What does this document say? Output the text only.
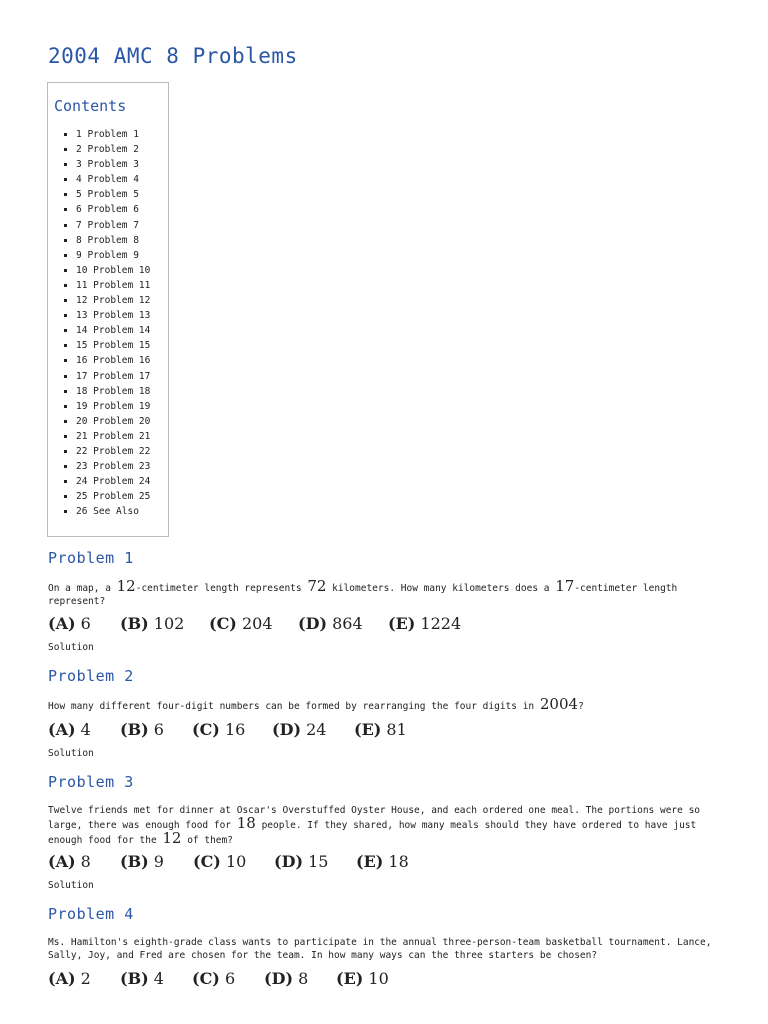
2004 AMC 8 Problems
Contents
1 Problem 1
2 Problem 2
3 Problem 3
4 Problem 4
5 Problem 5
6 Problem 6
7 Problem 7
8 Problem 8
9 Problem 9
10 Problem 10
11 Problem 11
12 Problem 12
13 Problem 13
14 Problem 14
15 Problem 15
16 Problem 16
17 Problem 17
18 Problem 18
19 Problem 19
20 Problem 20
21 Problem 21
22 Problem 22
23 Problem 23
24 Problem 24
25 Problem 25
26 See Also
Problem 1

On a map, a 12-centimeter length represents 72 kilometers. How many kilometers does a 17-centimeter length represent?

(A) 6	(B) 102	(C) 204	(D) 864	(E) 1224
Solution
Problem 2

How many different four-digit numbers can be formed by rearranging the four digits in 2004?

(A) 4	(B) 6	(C) 16	(D) 24	(E) 81
Solution
Problem 3

Twelve friends met for dinner at Oscar's Overstuffed Oyster House, and each ordered one meal. The portions were so large, there was enough food for 18 people. If they shared, how many meals should they have ordered to have just enough food for the 12 of them?

(A) 8	(B) 9	(C) 10	(D) 15	(E) 18
Solution
Problem 4

Ms. Hamilton's eighth-grade class wants to participate in the annual three-person-team basketball tournament. Lance, Sally, Joy, and Fred are chosen for the team. In how many ways can the three starters be chosen?

(A) 2	(B) 4	(C) 6	(D) 8	(E) 10
